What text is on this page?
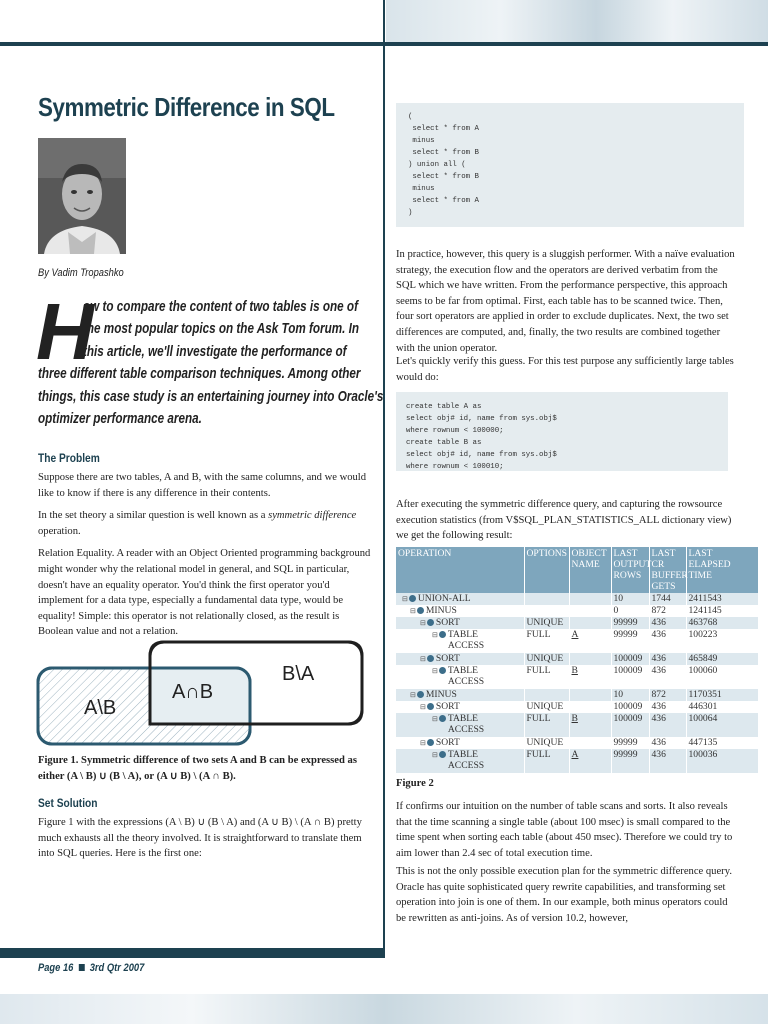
Symmetric Difference in SQL
By Vadim Tropashko
H
ow to compare the content of two tables is one of
the most popular topics on the Ask Tom forum. In
this article, we'll investigate the performance of
three different table comparison techniques. Among other
things, this case study is an entertaining journey into Oracle's
optimizer performance arena.
The Problem

Suppose there are two tables, A and B, with the same columns, and we would like to know if there is any difference in their contents.

In the set theory a similar question is well known as a symmetric difference operation.

Relation Equality. A reader with an Object Oriented programming background might wonder why the relational model in general, and SQL in particular, doesn't have an equality operator. You'd think the first operator you'd implement for a data type, especially a fundamental data type, would be equality! Simple: this operator is not relationally closed, as the result is Boolean value and not a relation.

A\B
A∩B
B\A
Figure 1. Symmetric difference of two sets A and B can be expressed as either (A \ B) ∪ (B \ A), or (A ∪ B) \ (A ∩ B).
Set Solution
Figure 1 with the expressions (A \ B) ∪ (B \ A) and (A ∪ B) \ (A ∩ B) pretty much exhausts all the theory involved. It is straightforward to translate them into SQL queries. Here is the first one:
Page 16 3rd Qtr 2007
(
select * from A
minus
select * from B
) union all (
select * from B
minus
select * from A
)
In practice, however, this query is a sluggish performer. With a naïve evaluation strategy, the execution flow and the operators are derived verbatim from the SQL which we have written. From the performance perspective, this approach seems to be far from optimal. First, each table has to be scanned twice. Then, four sort operators are applied in order to exclude duplicates. Next, the two set differences are computed, and, finally, the two results are combined together with the union operator.
Let's quickly verify this guess. For this test purpose any sufficiently large tables would do:
create table A as
select obj# id, name from sys.obj$
where rownum < 100000;
create table B as
select obj# id, name from sys.obj$
where rownum < 100010;
After executing the symmetric difference query, and capturing the rowsource execution statistics (from V$SQL_PLAN_STATISTICS_ALL dictionary view) we get the following result:
OPERATION	OPTIONS	OBJECT NAME	LAST OUTPUT ROWS	LAST CR BUFFER GETS	LAST ELAPSED TIME
⊟ UNION-ALL			10	1744	2411543
⊟ MINUS			0	872	1241145
⊟ SORT	UNIQUE		99999	436	463768
⊟ TABLE ACCESS	FULL	A	99999	436	100223
⊟ SORT	UNIQUE		100009	436	465849
⊟ TABLE ACCESS	FULL	B	100009	436	100060
⊟ MINUS			10	872	1170351
⊟ SORT	UNIQUE		100009	436	446301
⊟ TABLE ACCESS	FULL	B	100009	436	100064
⊟ SORT	UNIQUE		99999	436	447135
⊟ TABLE ACCESS	FULL	A	99999	436	100036
Figure 2
If confirms our intuition on the number of table scans and sorts. It also reveals that the time scanning a single table (about 100 msec) is small compared to the time spent when sorting each table (about 450 msec). Therefore we could try to aim lower than 2.4 sec of total execution time.
This is not the only possible execution plan for the symmetric difference query. Oracle has quite sophisticated query rewrite capabilities, and transforming set operation into join is one of them. In our example, both minus operators could be rewritten as anti-joins. As of version 10.2, however,
